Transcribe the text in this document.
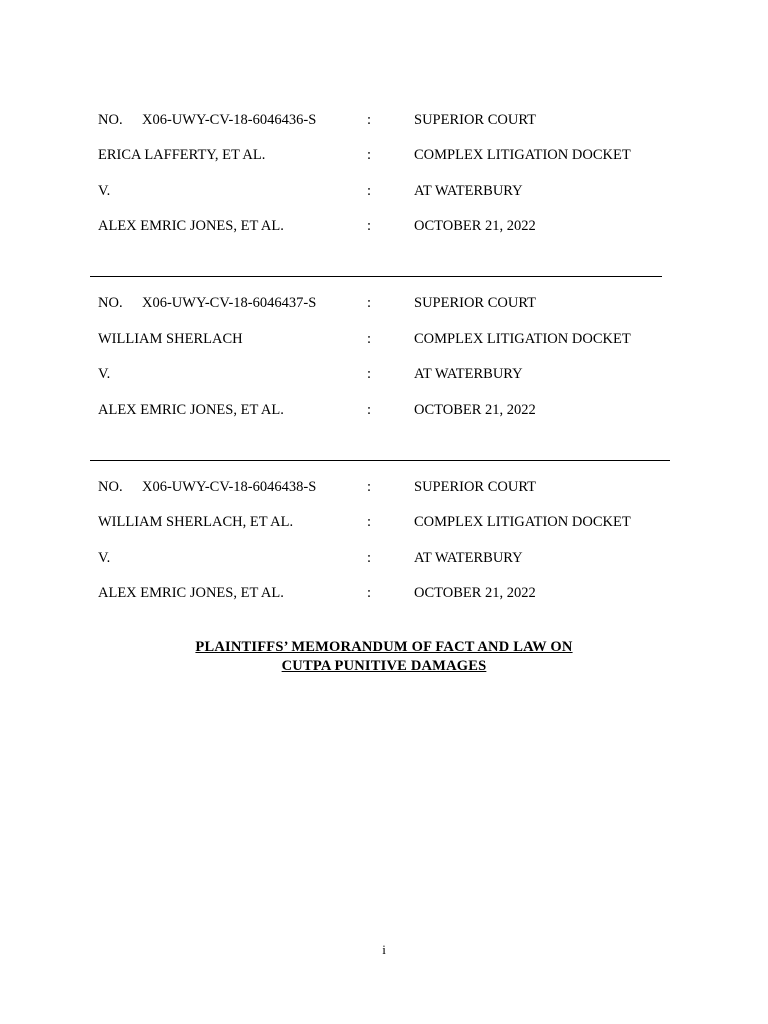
NO. X06-UWY-CV-18-6046436-S	:	SUPERIOR COURT
ERICA LAFFERTY, ET AL.	:	COMPLEX LITIGATION DOCKET
V.	:	AT WATERBURY
ALEX EMRIC JONES, ET AL.	:	OCTOBER 21, 2022
NO. X06-UWY-CV-18-6046437-S	:	SUPERIOR COURT
WILLIAM SHERLACH	:	COMPLEX LITIGATION DOCKET
V.	:	AT WATERBURY
ALEX EMRIC JONES, ET AL.	:	OCTOBER 21, 2022
NO. X06-UWY-CV-18-6046438-S	:	SUPERIOR COURT
WILLIAM SHERLACH, ET AL.	:	COMPLEX LITIGATION DOCKET
V.	:	AT WATERBURY
ALEX EMRIC JONES, ET AL.	:	OCTOBER 21, 2022
PLAINTIFFS’ MEMORANDUM OF FACT AND LAW ON
CUTPA PUNITIVE DAMAGES
i
